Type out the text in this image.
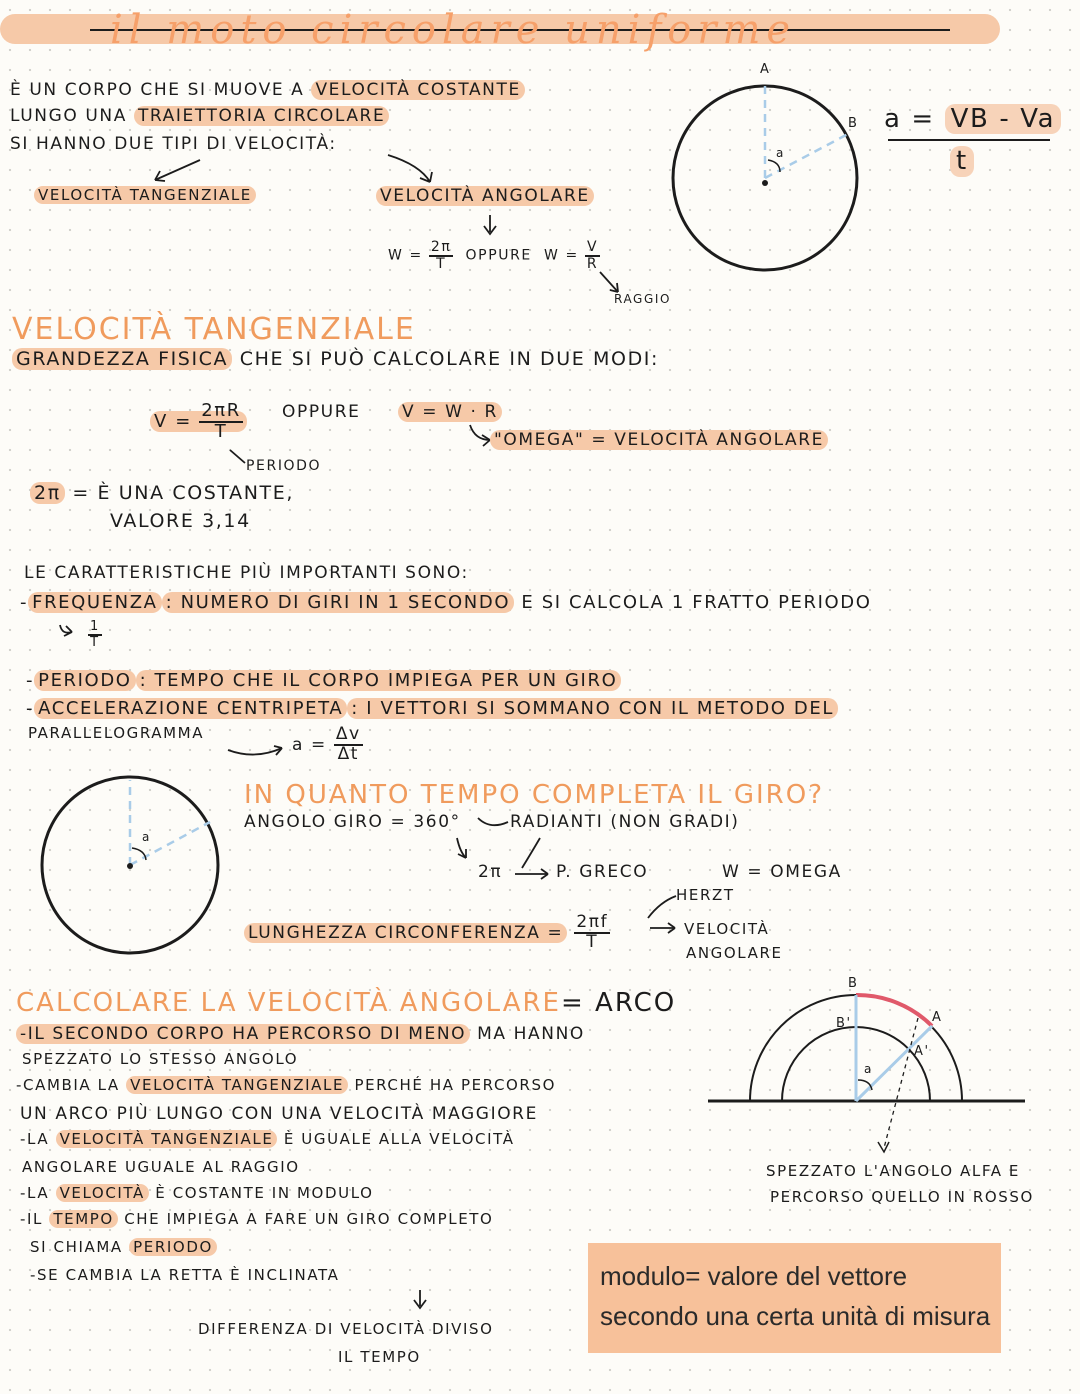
il moto circolare uniforme
È UN CORPO CHE SI MUOVE A VELOCITÀ COSTANTE
LUNGO UNA TRAIETTORIA CIRCOLARE
SI HANNO DUE TIPI DI VELOCITÀ:
VELOCITÀ TANGENZIALE	VELOCITÀ ANGOLARE
$W = \frac{2\pi}{T}$ OPPURE $W = \frac{V}{R}$
RAGGIO
A
B
a
a = VB - Va
t
VELOCITÀ TANGENZIALE
GRANDEZZA FISICA CHE SI PUÒ CALCOLARE IN DUE MODI:
$V = \frac{2\pi R}{T}$ OPPURE V = W · R
"OMEGA" = VELOCITÀ ANGOLARE
PERIODO
2π = È UNA COSTANTE,
VALORE 3,14
LE CARATTERISTICHE PIÙ IMPORTANTI SONO:
- FREQUENZA : NUMERO DI GIRI IN 1 SECONDO E SI CALCOLA 1 FRATTO PERIODO
$\frac{1}{T}$
- PERIODO : TEMPO CHE IL CORPO IMPIEGA PER UN GIRO
- ACCELERAZIONE CENTRIPETA : I VETTORI SI SOMMANO CON IL METODO DEL
PARALLELOGRAMMA
$a = \frac{\Delta v}{\Delta t}$
IN QUANTO TEMPO COMPLETA IL GIRO?
ANGOLO GIRO = 360°	RADIANTI (NON GRADI)
2π	P. GRECO	W = OMEGA
HERZT
LUNGHEZZA CIRCONFERENZA = $\frac{2\pi f}{T}$	VELOCITÀ
ANGOLARE
a
CALCOLARE LA VELOCITÀ ANGOLARE= ARCO
-IL SECONDO CORPO HA PERCORSO DI MENO MA HANNO
SPEZZATO LO STESSO ANGOLO
-CAMBIA LA VELOCITÀ TANGENZIALE PERCHÉ HA PERCORSO
UN ARCO PIÙ LUNGO CON UNA VELOCITÀ MAGGIORE
-LA VELOCITÀ TANGENZIALE È UGUALE ALLA VELOCITÀ
ANGOLARE UGUALE AL RAGGIO
-LA VELOCITÀ È COSTANTE IN MODULO
-IL TEMPO CHE IMPIEGA A FARE UN GIRO COMPLETO
SI CHIAMA PERIODO
-SE CAMBIA LA RETTA È INCLINATA
DIFFERENZA DI VELOCITÀ DIVISO
IL TEMPO
B
B'	A
A'
a
SPEZZATO L'ANGOLO ALFA E
PERCORSO QUELLO IN ROSSO
modulo= valore del vettore
secondo una certa unità di misura
